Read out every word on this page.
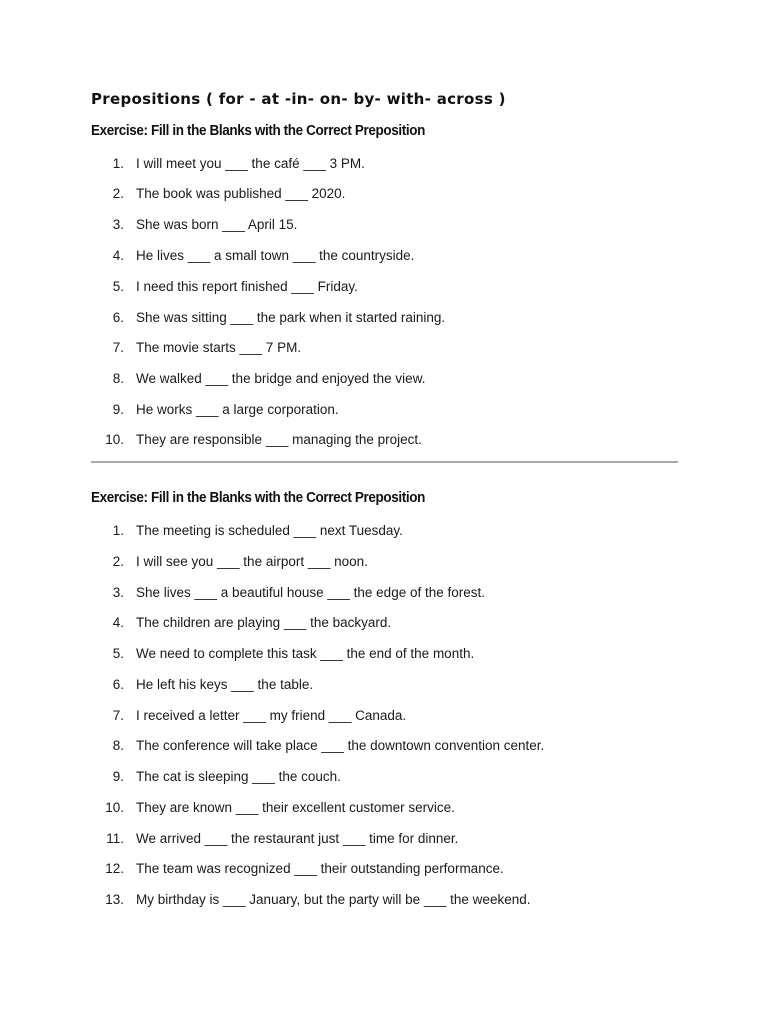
Prepositions ( for - at -in- on- by- with- across )
Exercise: Fill in the Blanks with the Correct Preposition
1. I will meet you ___ the café ___ 3 PM.
2. The book was published ___ 2020.
3. She was born ___ April 15.
4. He lives ___ a small town ___ the countryside.
5. I need this report finished ___ Friday.
6. She was sitting ___ the park when it started raining.
7. The movie starts ___ 7 PM.
8. We walked ___ the bridge and enjoyed the view.
9. He works ___ a large corporation.
10. They are responsible ___ managing the project.
Exercise: Fill in the Blanks with the Correct Preposition
1. The meeting is scheduled ___ next Tuesday.
2. I will see you ___ the airport ___ noon.
3. She lives ___ a beautiful house ___ the edge of the forest.
4. The children are playing ___ the backyard.
5. We need to complete this task ___ the end of the month.
6. He left his keys ___ the table.
7. I received a letter ___ my friend ___ Canada.
8. The conference will take place ___ the downtown convention center.
9. The cat is sleeping ___ the couch.
10. They are known ___ their excellent customer service.
11. We arrived ___ the restaurant just ___ time for dinner.
12. The team was recognized ___ their outstanding performance.
13. My birthday is ___ January, but the party will be ___ the weekend.
